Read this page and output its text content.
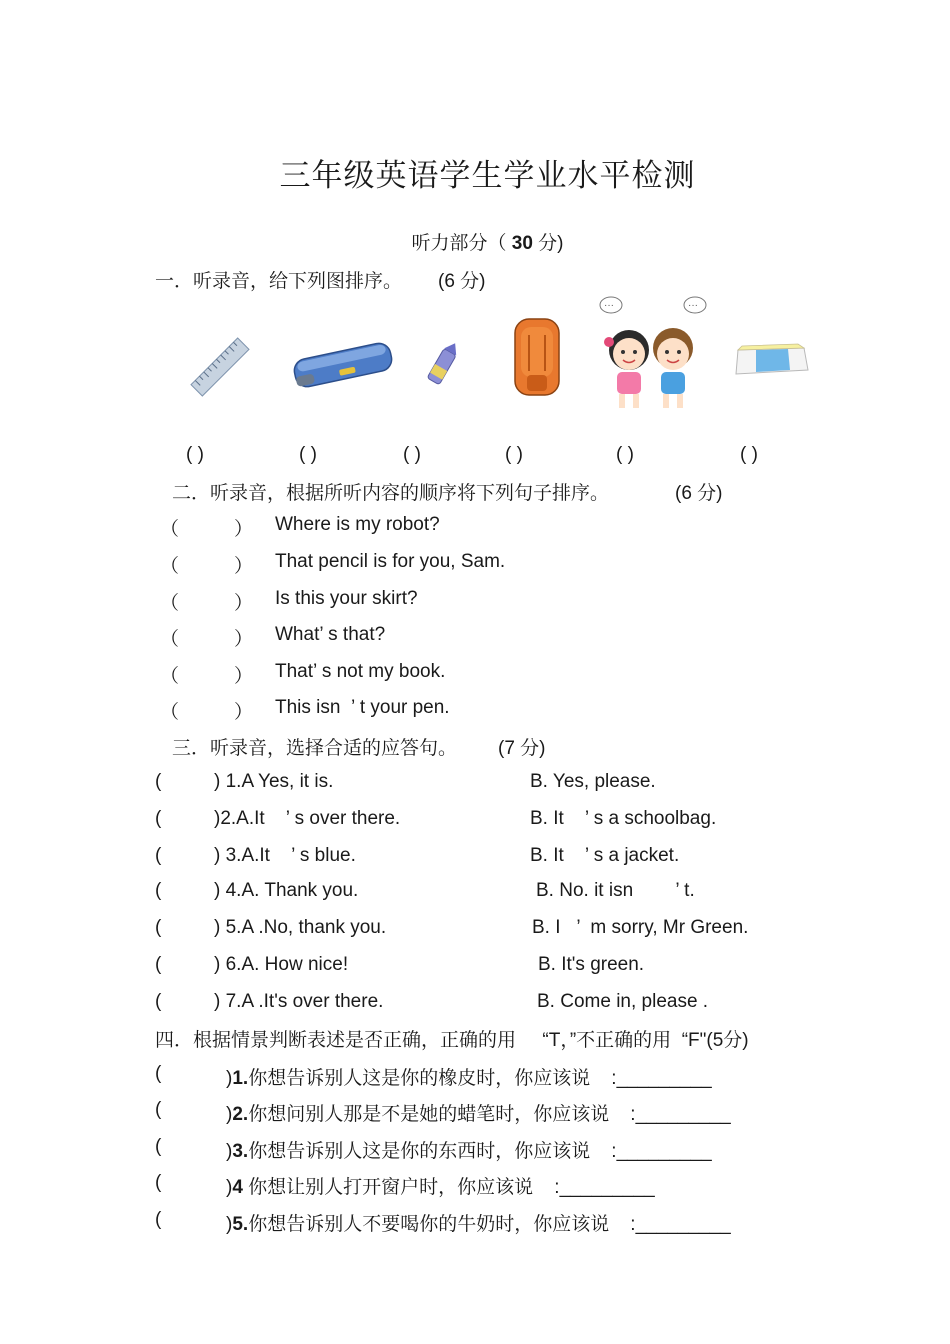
三年级英语学生学业水平检测
听力部分（ 30 分)
一．听录音，给下列图排序。 (6 分)
···	···
( )	( )	( )	( )	( )	( )
二．听录音，根据所听内容的顺序将下列句子排序。	(6 分)
（	） Where is my robot?
（	） That pencil is for you, Sam.
（	） Is this your skirt?
（	） What’ s that?
（	） That’ s not my book.
（	） This isn  ’ t your pen.
三．听录音，选择合适的应答句。 (7 分)
(	) 1.A Yes, it is.	B. Yes, please.
(	)2.A.It    ’ s over there.	B. It    ’ s a schoolbag.
(	) 3.A.It    ’ s blue.	B. It    ’ s a jacket.
(	) 4.A. Thank you.	B. No. it isn        ’ t.
(	) 5.A .No, thank you.	B. I   ’  m sorry, Mr Green.
(	) 6.A. How nice!	B. It's green.
(	) 7.A .It's over there.	B. Come in, please .
四．根据情景判断表述是否正确，正确的用     “T，”不正确的用  “F"(5分)
(	)1.你想告诉别人这是你的橡皮时，你应该说    :_________
(	)2.你想问别人那是不是她的蜡笔时，你应该说    :_________
(	)3.你想告诉别人这是你的东西时，你应该说    :_________
(	)4 你想让别人打开窗户时，你应该说    :_________
(	)5.你想告诉别人不要喝你的牛奶时，你应该说    :_________
